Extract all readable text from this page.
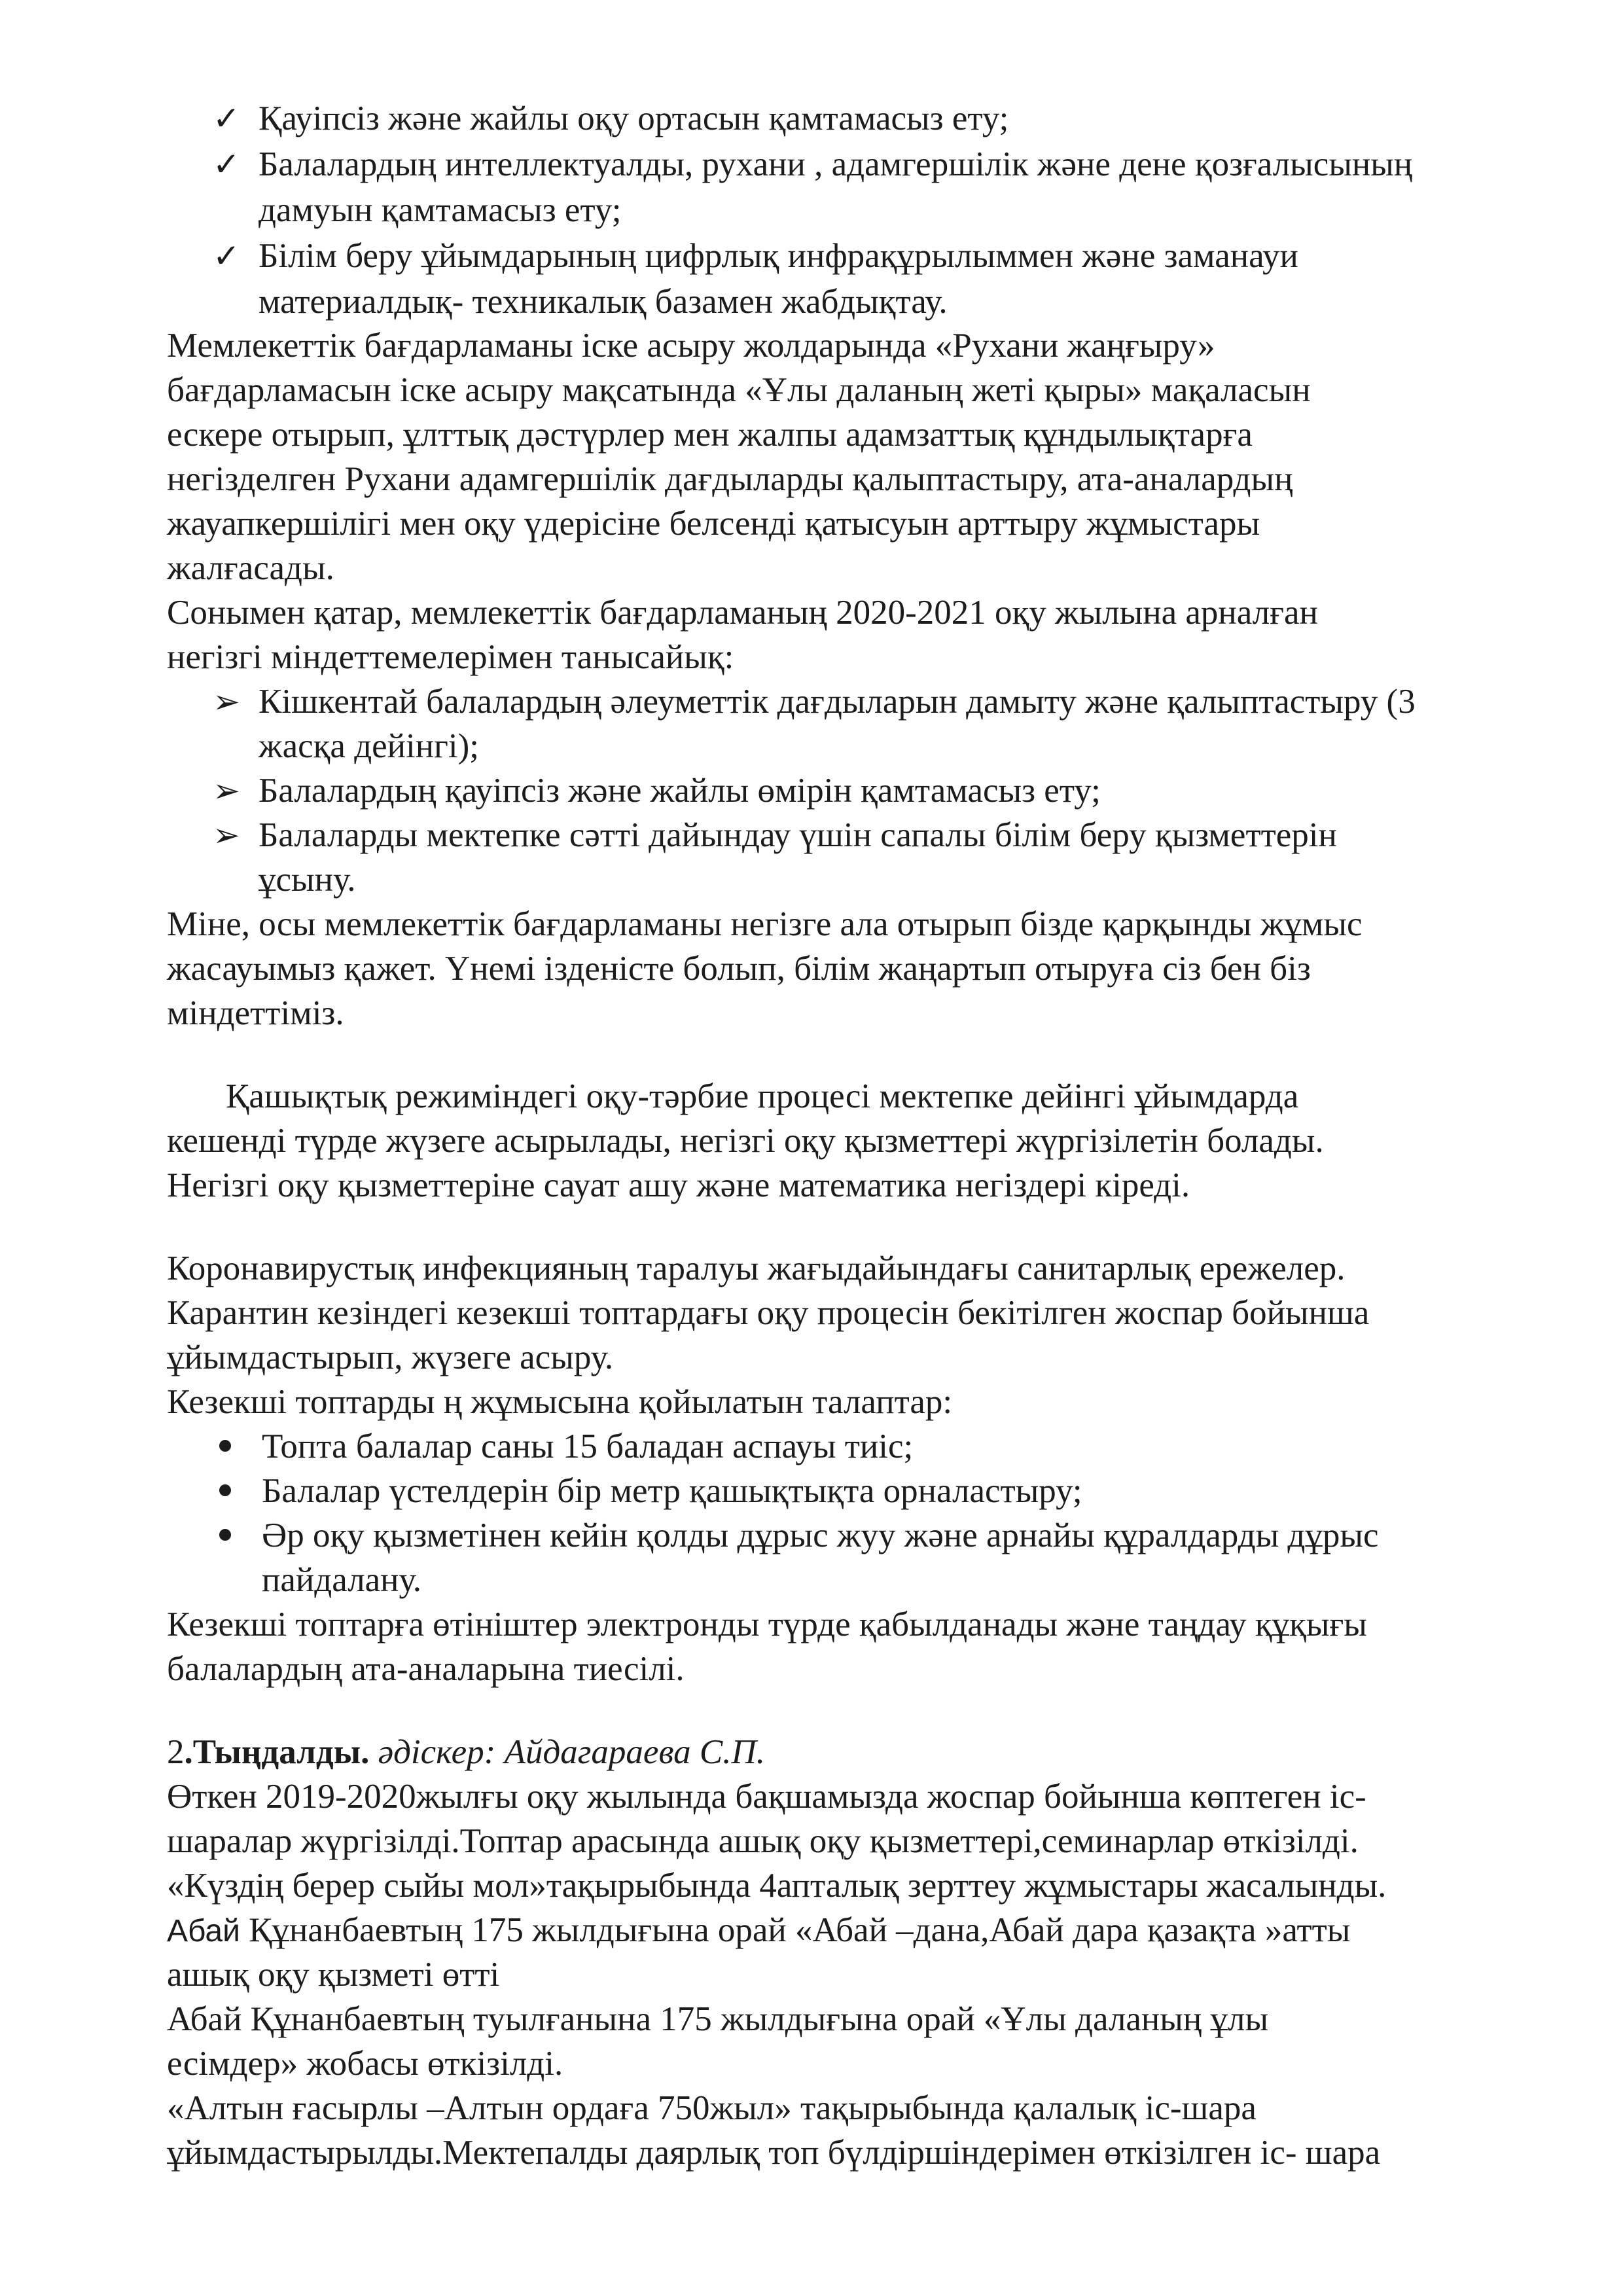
✓ Қауіпсіз және жайлы оқу ортасын қамтамасыз ету;
✓ Балалардың интеллектуалды, рухани , адамгершілік және дене қозғалысының
дамуын қамтамасыз ету;
✓ Білім беру ұйымдарының цифрлық инфрақұрылыммен және заманауи
материалдық- техникалық базамен жабдықтау.
Мемлекеттік бағдарламаны іске асыру жолдарында «Рухани жаңғыру»
бағдарламасын іске асыру мақсатында «Ұлы даланың жеті қыры» мақаласын
ескере отырып, ұлттық дәстүрлер мен жалпы адамзаттық құндылықтарға
негізделген Рухани адамгершілік дағдыларды қалыптастыру, ата-аналардың
жауапкершілігі мен оқу үдерісіне белсенді қатысуын арттыру жұмыстары
жалғасады.
Сонымен қатар, мемлекеттік бағдарламаның 2020-2021 оқу жылына арналған
негізгі міндеттемелерімен танысайық:
➢ Кішкентай балалардың әлеуметтік дағдыларын дамыту және қалыптастыру (3
жасқа дейінгі);
➢ Балалардың қауіпсіз және жайлы өмірін қамтамасыз ету;
➢ Балаларды мектепке сәтті дайындау үшін сапалы білім беру қызметтерін
ұсыну.
Міне, осы мемлекеттік бағдарламаны негізге ала отырып бізде қарқынды жұмыс
жасауымыз қажет. Үнемі ізденісте болып, білім жаңартып отыруға сіз бен біз
міндеттіміз.
Қашықтық режиміндегі оқу-тәрбие процесі мектепке дейінгі ұйымдарда
кешенді түрде жүзеге асырылады, негізгі оқу қызметтері жүргізілетін болады.
Негізгі оқу қызметтеріне сауат ашу және математика негіздері кіреді.
Коронавирустық инфекцияның таралуы жағыдайындағы санитарлық ережелер.
Карантин кезіндегі кезекші топтардағы оқу процесін бекітілген жоспар бойынша
ұйымдастырып, жүзеге асыру.
Кезекші топтарды ң жұмысына қойылатын талаптар:
Топта балалар саны 15 баладан аспауы тиіс;
Балалар үстелдерін бір метр қашықтықта орналастыру;
Әр оқу қызметінен кейін қолды дұрыс жуу және арнайы құралдарды дұрыс
пайдалану.
Кезекші топтарға өтініштер электронды түрде қабылданады және таңдау құқығы
балалардың ата-аналарына тиесілі.
2.Тыңдалды. әдіскер: Айдагараева С.П.
Өткен 2019-2020жылғы оқу жылында бақшамызда жоспар бойынша көптеген іс-
шаралар жүргізілді.Топтар арасында ашық оқу қызметтері,семинарлар өткізілді.
«Күздің берер сыйы мол»тақырыбында 4апталық зерттеу жұмыстары жасалынды.
Абай Құнанбаевтың 175 жылдығына орай «Абай –дана,Абай дара қазақта »атты
ашық оқу қызметі өтті
Абай Құнанбаевтың туылғанына 175 жылдығына орай «Ұлы даланың ұлы
есімдер» жобасы өткізілді.
«Алтын ғасырлы –Алтын ордаға 750жыл» тақырыбында қалалық іс-шара
ұйымдастырылды.Мектепалды даярлық топ бүлдіршіндерімен өткізілген іс- шара
